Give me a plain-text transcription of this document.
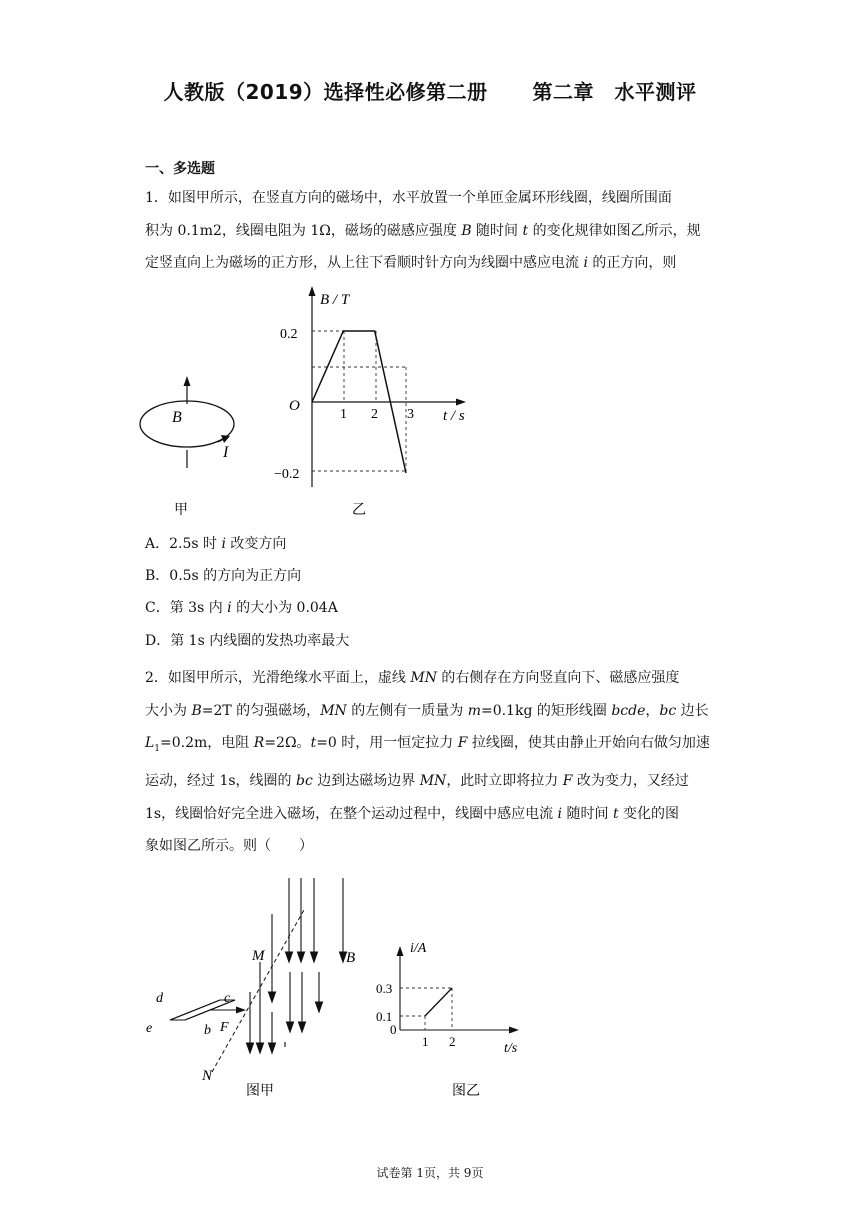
人教版（2019）选择性必修第二册 第二章　水平测评
一、多选题
1．如图甲所示，在竖直方向的磁场中，水平放置一个单匝金属环形线圈，线圈所围面
积为 0.1m2，线圈电阻为 1Ω，磁场的磁感应强度 B 随时间 t 的变化规律如图乙所示，规
定竖直向上为磁场的正方形，从上往下看顺时针方向为线圈中感应电流 i 的正方向，则
B
I
甲
B / T
0.2
−0.2
O
1 2 3 t / s
乙
A．2.5s 时 i 改变方向
B．0.5s 的方向为正方向
C．第 3s 内 i 的大小为 0.04A
D．第 1s 内线圈的发热功率最大
2．如图甲所示，光滑绝缘水平面上，虚线 MN 的右侧存在方向竖直向下、磁感应强度
大小为 B=2T 的匀强磁场，MN 的左侧有一质量为 m=0.1kg 的矩形线圈 bcde，bc 边长
$L_1=0.2m$，电阻 R=2Ω。t=0 时，用一恒定拉力 F 拉线圈，使其由静止开始向右做匀加速
运动，经过 1s，线圈的 bc 边到达磁场边界 MN，此时立即将拉力 F 改为变力，又经过
1s，线圈恰好完全进入磁场，在整个运动过程中，线圈中感应电流 i 随时间 t 变化的图
象如图乙所示。则（　　）
M	B
d	c
e	b F
N
图甲
i/A
0.3
0.1
0
1 2	t/s
图乙
试卷第 1页，共 9页
